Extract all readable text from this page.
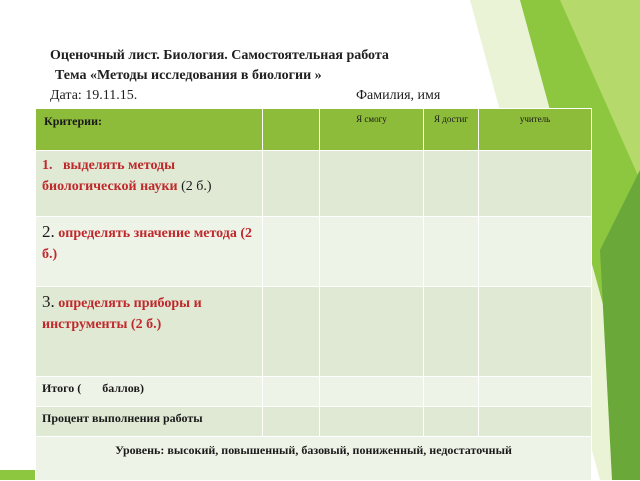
Оценочный лист. Биология. Самостоятельная работа
Тема «Методы исследования в биологии »
Дата: 19.11.15.	Фамилия, имя
Критерии:		Я смогу	Я достиг	учитель
1. выделять методы биологической науки (2 б.)				
2. определять значение метода (2 б.)				
3. определять приборы и инструменты (2 б.)				
Итого (       баллов)				
Процент выполнения работы				
Уровень: высокий, повышенный, базовый, пониженный, недостаточный				
